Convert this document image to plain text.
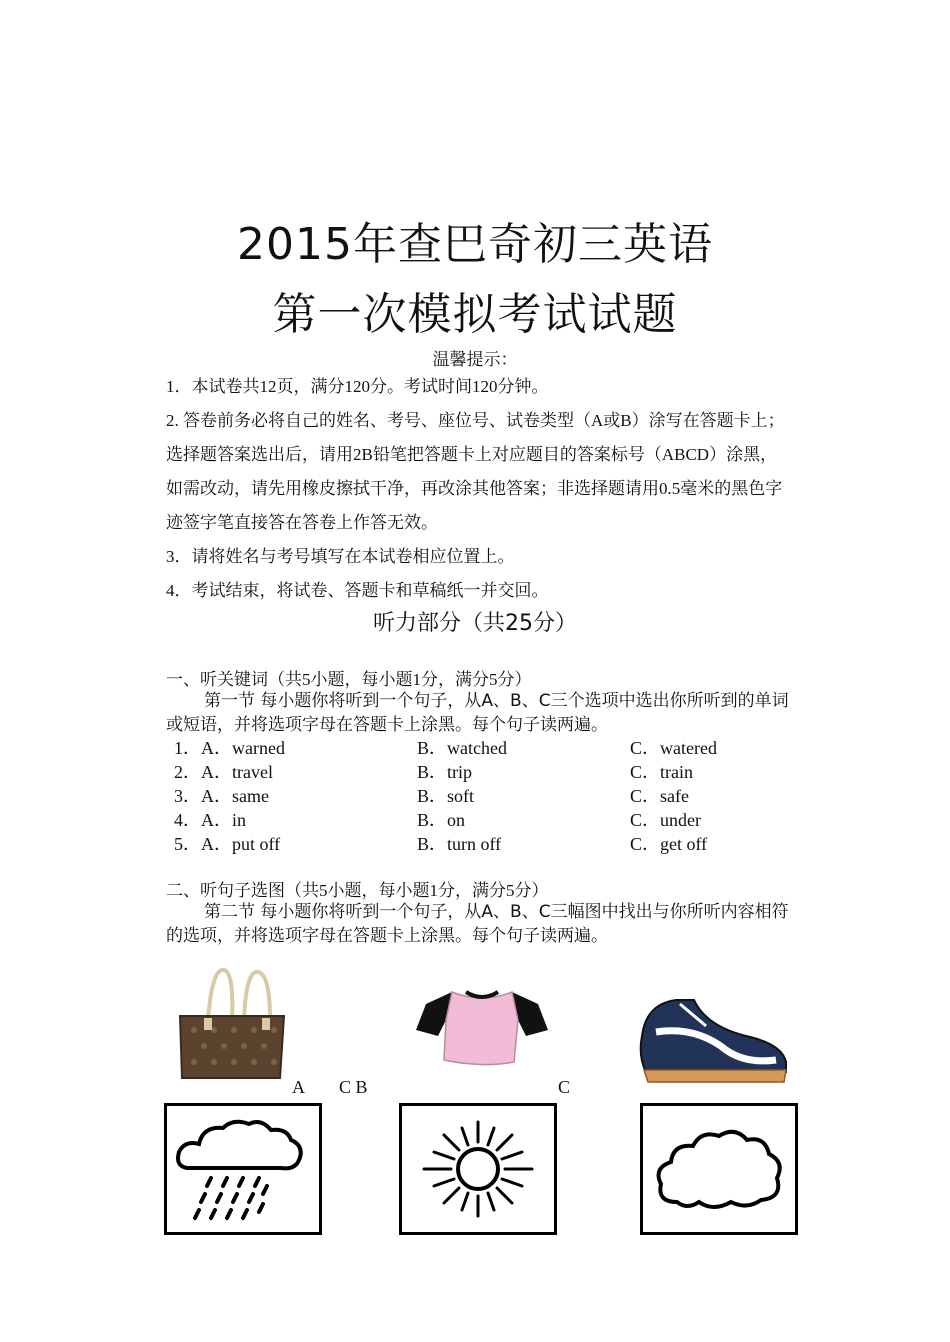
2015年查巴奇初三英语
第一次模拟考试试题
温馨提示：
1．本试卷共12页，满分120分。考试时间120分钟。
2. 答卷前务必将自己的姓名、考号、座位号、试卷类型（A或B）涂写在答题卡上；选择题答案选出后，请用2B铅笔把答题卡上对应题目的答案标号（ABCD）涂黑，如需改动，请先用橡皮擦拭干净，再改涂其他答案；非选择题请用0.5毫米的黑色字迹签字笔直接答在答卷上作答无效。
3．请将姓名与考号填写在本试卷相应位置上。
4．考试结束，将试卷、答题卡和草稿纸一并交回。
听力部分（共25分）
一、听关键词（共5小题，每小题1分，满分5分）
第一节 每小题你将听到一个句子，从A、B、C三个选项中选出你所听到的单词或短语，并将选项字母在答题卡上涂黑。每个句子读两遍。
1．A．warned	B．watched	C．watered
2．A．travel	B．trip	C．train
3．A．same	B．soft	C．safe
4．A．in	B．on	C．under
5．A．put off	B．turn off	C．get off
二、听句子选图（共5小题，每小题1分，满分5分）
第二节 每小题你将听到一个句子，从A、B、C三幅图中找出与你所听内容相符的选项，并将选项字母在答题卡上涂黑。每个句子读两遍。
A C B	C
